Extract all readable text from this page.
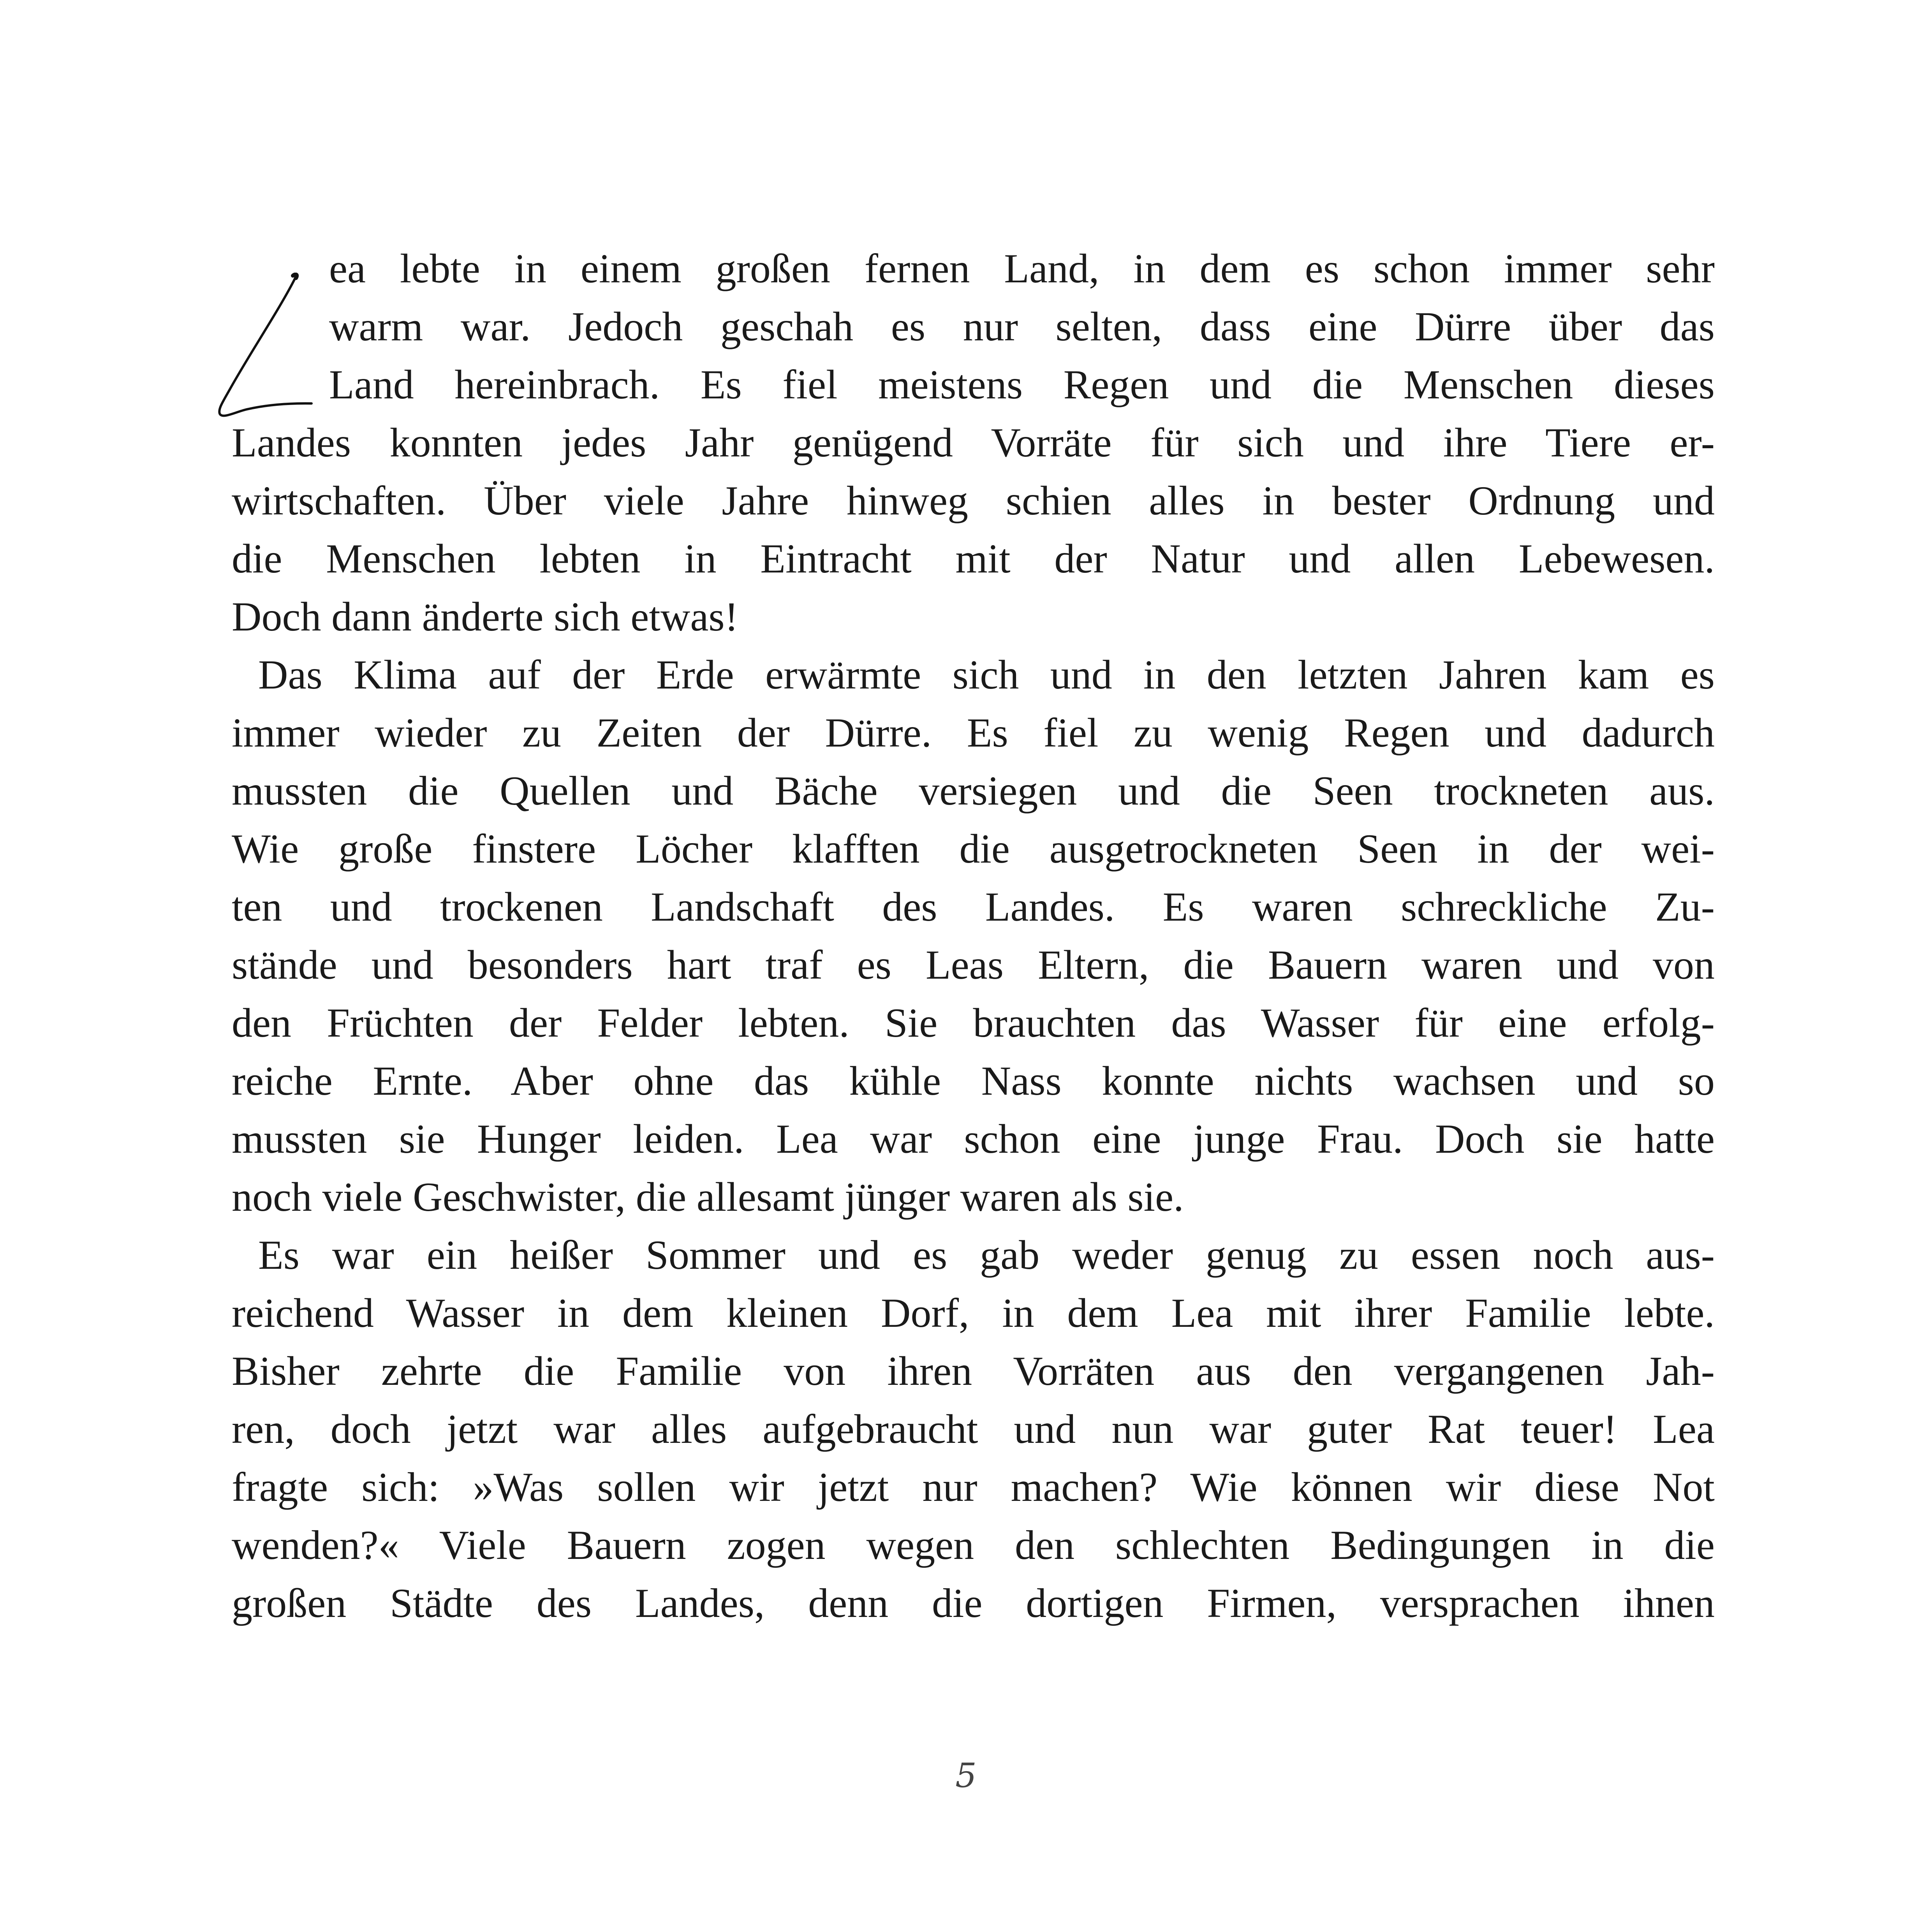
ea lebte in einem großen fernen Land, in dem es schon immer sehr
warm war. Jedoch geschah es nur selten, dass eine Dürre über das
Land hereinbrach. Es fiel meistens Regen und die Menschen dieses
Landes konnten jedes Jahr genügend Vorräte für sich und ihre Tiere er-
wirtschaften. Über viele Jahre hinweg schien alles in bester Ordnung und
die Menschen lebten in Eintracht mit der Natur und allen Lebewesen.
Doch dann änderte sich etwas!
Das Klima auf der Erde erwärmte sich und in den letzten Jahren kam es
immer wieder zu Zeiten der Dürre. Es fiel zu wenig Regen und dadurch
mussten die Quellen und Bäche versiegen und die Seen trockneten aus.
Wie große finstere Löcher klafften die ausgetrockneten Seen in der wei-
ten und trockenen Landschaft des Landes. Es waren schreckliche Zu-
stände und besonders hart traf es Leas Eltern, die Bauern waren und von
den Früchten der Felder lebten. Sie brauchten das Wasser für eine erfolg-
reiche Ernte. Aber ohne das kühle Nass konnte nichts wachsen und so
mussten sie Hunger leiden. Lea war schon eine junge Frau. Doch sie hatte
noch viele Geschwister, die allesamt jünger waren als sie.
Es war ein heißer Sommer und es gab weder genug zu essen noch aus-
reichend Wasser in dem kleinen Dorf, in dem Lea mit ihrer Familie lebte.
Bisher zehrte die Familie von ihren Vorräten aus den vergangenen Jah-
ren, doch jetzt war alles aufgebraucht und nun war guter Rat teuer! Lea
fragte sich: »Was sollen wir jetzt nur machen? Wie können wir diese Not
wenden?« Viele Bauern zogen wegen den schlechten Bedingungen in die
großen Städte des Landes, denn die dortigen Firmen, versprachen ihnen
5
